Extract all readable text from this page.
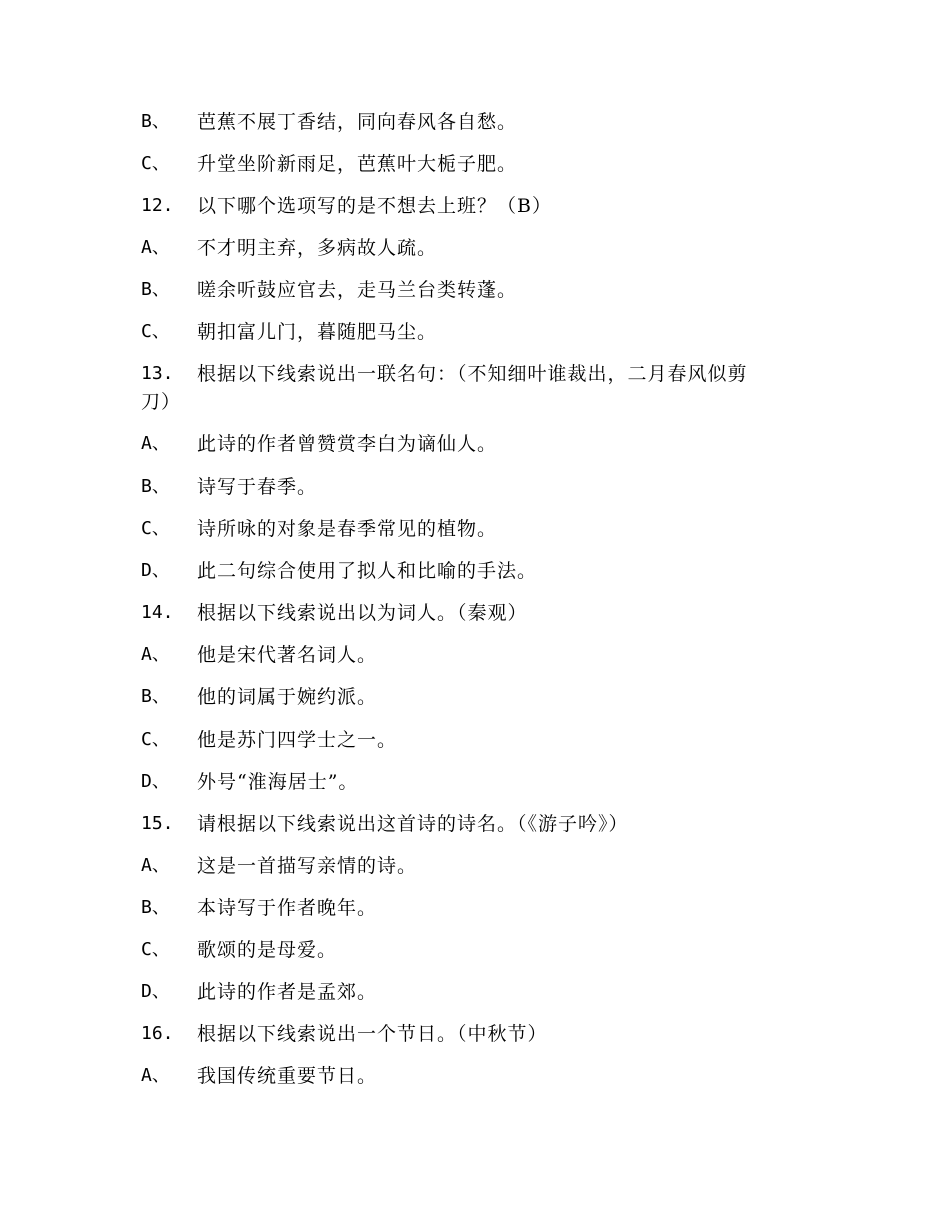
B、	芭蕉不展丁香结，同向春风各自愁。
C、	升堂坐阶新雨足，芭蕉叶大栀子肥。
12.	以下哪个选项写的是不想去上班？（B）
A、	不才明主弃，多病故人疏。
B、	嗟余听鼓应官去，走马兰台类转蓬。
C、	朝扣富儿门，暮随肥马尘。
13.	根据以下线索说出一联名句：（不知细叶谁裁出，二月春风似剪
刀）
A、	此诗的作者曾赞赏李白为谪仙人。
B、	诗写于春季。
C、	诗所咏的对象是春季常见的植物。
D、	此二句综合使用了拟人和比喻的手法。
14.	根据以下线索说出以为词人。（秦观）
A、	他是宋代著名词人。
B、	他的词属于婉约派。
C、	他是苏门四学士之一。
D、	外号“淮海居士”。
15.	请根据以下线索说出这首诗的诗名。（《游子吟》）
A、	这是一首描写亲情的诗。
B、	本诗写于作者晚年。
C、	歌颂的是母爱。
D、	此诗的作者是孟郊。
16.	根据以下线索说出一个节日。（中秋节）
A、	我国传统重要节日。
